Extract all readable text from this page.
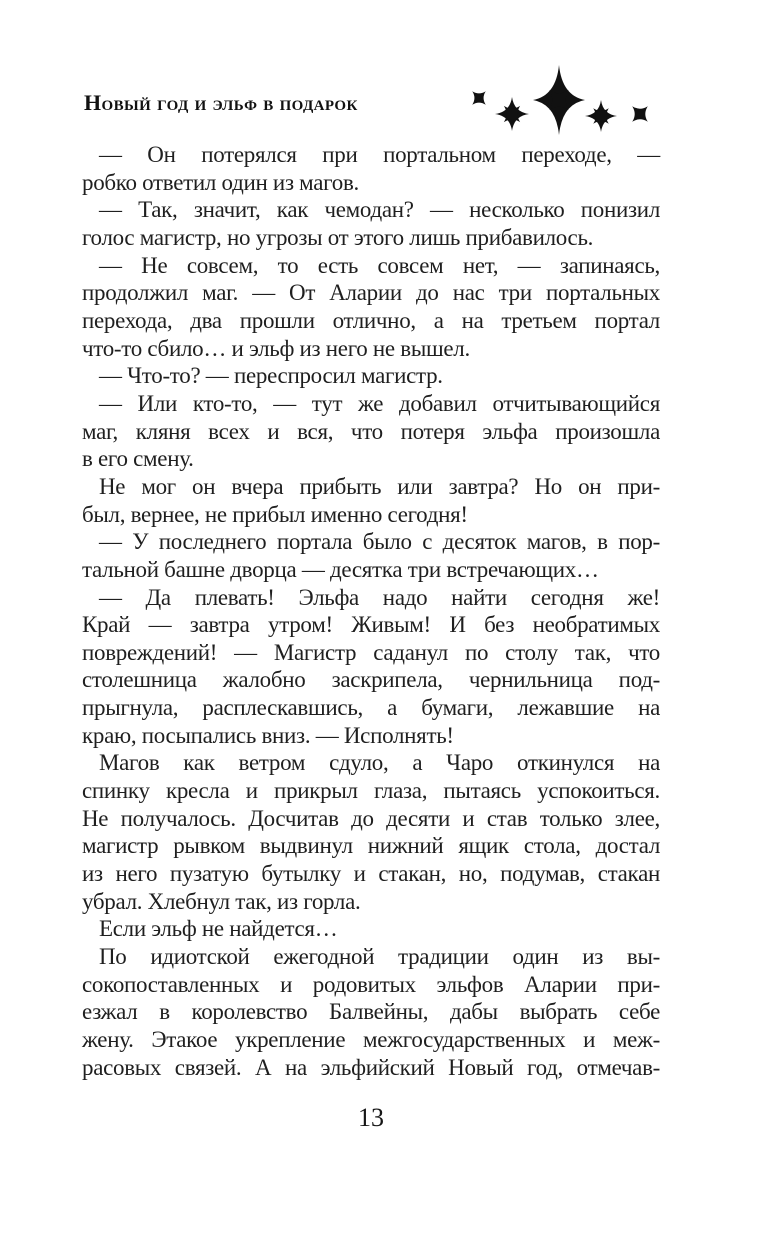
Новый год и эльф в подарок
— Он потерялся при портальном переходе, —
робко ответил один из магов.
— Так, значит, как чемодан? — несколько понизил
голос магистр, но угрозы от этого лишь прибавилось.
— Не совсем, то есть совсем нет, — запинаясь,
продолжил маг. — От Аларии до нас три портальных
перехода, два прошли отлично, а на третьем портал
что-то сбило… и эльф из него не вышел.
— Что-то? — переспросил магистр.
— Или кто-то, — тут же добавил отчитывающийся
маг, кляня всех и вся, что потеря эльфа произошла
в его смену.
Не мог он вчера прибыть или завтра? Но он при-
был, вернее, не прибыл именно сегодня!
— У последнего портала было с десяток магов, в пор-
тальной башне дворца — десятка три встречающих…
— Да плевать! Эльфа надо найти сегодня же!
Край — завтра утром! Живым! И без необратимых
повреждений! — Магистр саданул по столу так, что
столешница жалобно заскрипела, чернильница под-
прыгнула, расплескавшись, а бумаги, лежавшие на
краю, посыпались вниз. — Исполнять!
Магов как ветром сдуло, а Чаро откинулся на
спинку кресла и прикрыл глаза, пытаясь успокоиться.
Не получалось. Досчитав до десяти и став только злее,
магистр рывком выдвинул нижний ящик стола, достал
из него пузатую бутылку и стакан, но, подумав, стакан
убрал. Хлебнул так, из горла.
Если эльф не найдется…
По идиотской ежегодной традиции один из вы-
сокопоставленных и родовитых эльфов Аларии при-
езжал в королевство Балвейны, дабы выбрать себе
жену. Этакое укрепление межгосударственных и меж-
расовых связей. А на эльфийский Новый год, отмечав-
13
